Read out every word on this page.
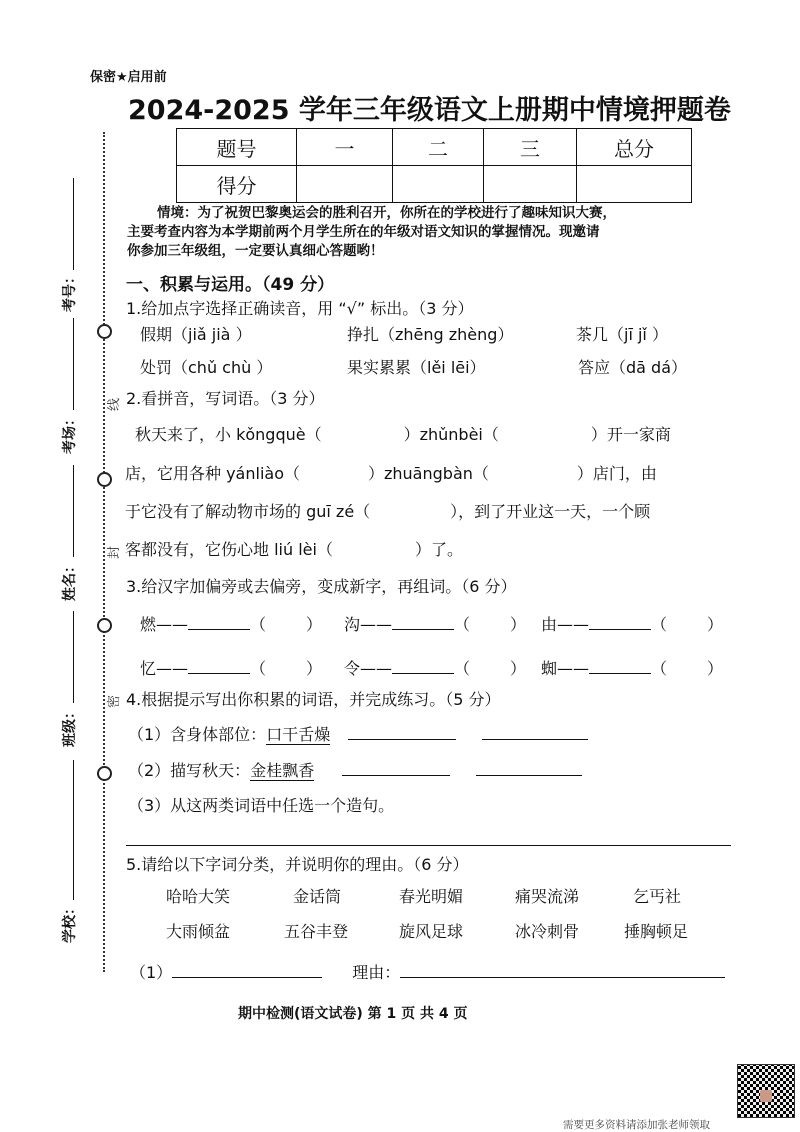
保密★启用前
2024-2025 学年三年级语文上册期中情境押题卷
题号	一	二	三	总分
得分				
情境：为了祝贺巴黎奥运会的胜利召开，你所在的学校进行了趣味知识大赛，
主要考查内容为本学期前两个月学生所在的年级对语文知识的掌握情况。现邀请
你参加三年级组，一定要认真细心答题哟！
一、积累与运用。（49 分）
1.给加点字选择正确读音，用 “√” 标出。（3 分）
假期（jiǎ jià ）	挣扎（zhēng zhèng）	茶几（jī jǐ ）
处罚（chǔ chù ）	果实累累（lěi lēi）	答应（dā dá）
2.看拼音，写词语。（3 分）
秋天来了，小 kǒngquè（	）zhǔnbèi（	）开一家商
店，它用各种 yánliào（	）zhuāngbàn（	）店门，由
于它没有了解动物市场的 guī zé（	），到了开业这一天，一个顾
客都没有，它伤心地 liú lèi（	）了。
3.给汉字加偏旁或去偏旁，变成新字，再组词。（6 分）
燃——	（	） 沟——	（	） 由——	（	）
忆——	（	） 令——	（	） 蜘——	（	）
4.根据提示写出你积累的词语，并完成练习。（5 分）
（1）含身体部位：口干舌燥
（2）描写秋天：金桂飘香
（3）从这两类词语中任选一个造句。
5.请给以下字词分类，并说明你的理由。（6 分）
哈哈大笑	金话筒	春光明媚	痛哭流涕	乞丐社
大雨倾盆	五谷丰登	旋风足球	冰冷刺骨	捶胸顿足
（1）	理由：
线
封
密
考号：
考场：
姓名：
班级：
学校：
期中检测(语文试卷) 第 1 页 共 4 页
需要更多资料请添加张老师领取
